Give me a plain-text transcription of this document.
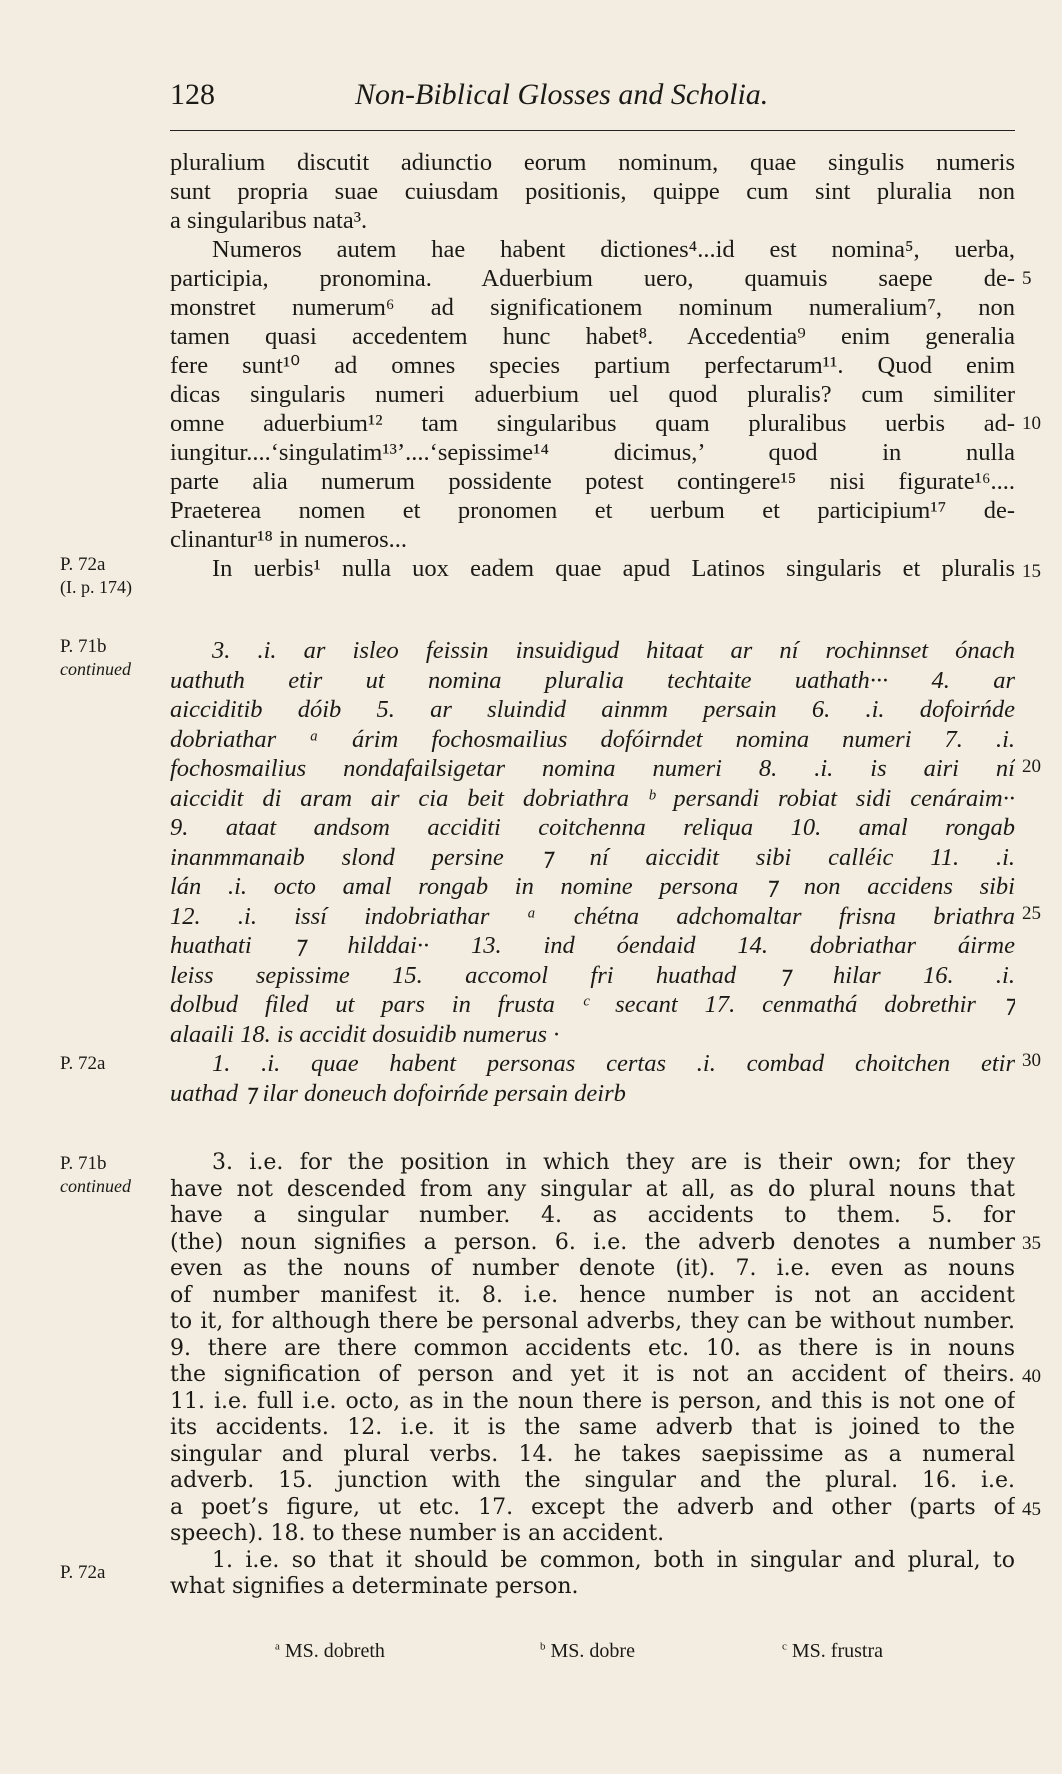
128	Non-Biblical Glosses and Scholia.
pluralium discutit adiunctio eorum nominum, quae singulis numeris
sunt propria suae cuiusdam positionis, quippe cum sint pluralia non
a singularibus nata³.
Numeros autem hae habent dictiones⁴...id est nomina⁵, uerba,
participia, pronomina. Aduerbium uero, quamuis saepe de-
monstret numerum⁶ ad significationem nominum numeralium⁷, non
tamen quasi accedentem hunc habet⁸. Accedentia⁹ enim generalia
fere sunt¹⁰ ad omnes species partium perfectarum¹¹. Quod enim
dicas singularis numeri aduerbium uel quod pluralis? cum similiter
omne aduerbium¹² tam singularibus quam pluralibus uerbis ad-
iungitur....‘singulatim¹³’....‘sepissime¹⁴ dicimus,’ quod in nulla
parte alia numerum possidente potest contingere¹⁵ nisi figurate¹⁶....
Praeterea nomen et pronomen et uerbum et participium¹⁷ de-
clinantur¹⁸ in numeros...
In uerbis¹ nulla uox eadem quae apud Latinos singularis et pluralis
3. .i. ar isleo feissin insuidigud hitaat ar ní rochinnset ónach
uathuth etir ut nomina pluralia techtaite uathath··· 4. ar
aicciditib dóib 5. ar sluindid ainmm persain 6. .i. dofoirńde
dobriathar ᵃ árim fochosmailius dofóirndet nomina numeri 7. .i.
fochosmailius nondafailsigetar nomina numeri 8. .i. is airi ní
aiccidit di aram air cia beit dobriathra ᵇ persandi robiat sidi cenáraim··
9. ataat andsom acciditi coitchenna reliqua 10. amal rongab
inanmmanaib slond persine ⁊ ní aiccidit sibi calléic 11. .i.
lán .i. octo amal rongab in nomine persona ⁊ non accidens sibi
12. .i. issí indobriathar ᵃ chétna adchomaltar frisna briathra
huathati ⁊ hilddai·· 13. ind óendaid 14. dobriathar áirme
leiss sepissime 15. accomol fri huathad ⁊ hilar 16. .i.
dolbud filed ut pars in frusta ᶜ secant 17. cenmathá dobrethir ⁊
alaaili 18. is accidit dosuidib numerus ·
1. .i. quae habent personas certas .i. combad choitchen etir
uathad ⁊ ilar doneuch dofoirńde persain deirb
3. i.e. for the position in which they are is their own; for they
have not descended from any singular at all, as do plural nouns that
have a singular number. 4. as accidents to them. 5. for
(the) noun signifies a person. 6. i.e. the adverb denotes a number
even as the nouns of number denote (it). 7. i.e. even as nouns
of number manifest it. 8. i.e. hence number is not an accident
to it, for although there be personal adverbs, they can be without number.
9. there are there common accidents etc. 10. as there is in nouns
the signification of person and yet it is not an accident of theirs.
11. i.e. full i.e. octo, as in the noun there is person, and this is not one of
its accidents. 12. i.e. it is the same adverb that is joined to the
singular and plural verbs. 14. he takes saepissime as a numeral
adverb. 15. junction with the singular and the plural. 16. i.e.
a poet’s figure, ut etc. 17. except the adverb and other (parts of
speech). 18. to these number is an accident.
1. i.e. so that it should be common, both in singular and plural, to
what signifies a determinate person.
P. 72a
(I. p. 174)
P. 71b
continued
P. 72a
P. 71b
continued
P. 72a
5
10
15
20
25
30
35
40
45
$^a$ MS. dobreth	$^b$ MS. dobre	$^c$ MS. frustra
